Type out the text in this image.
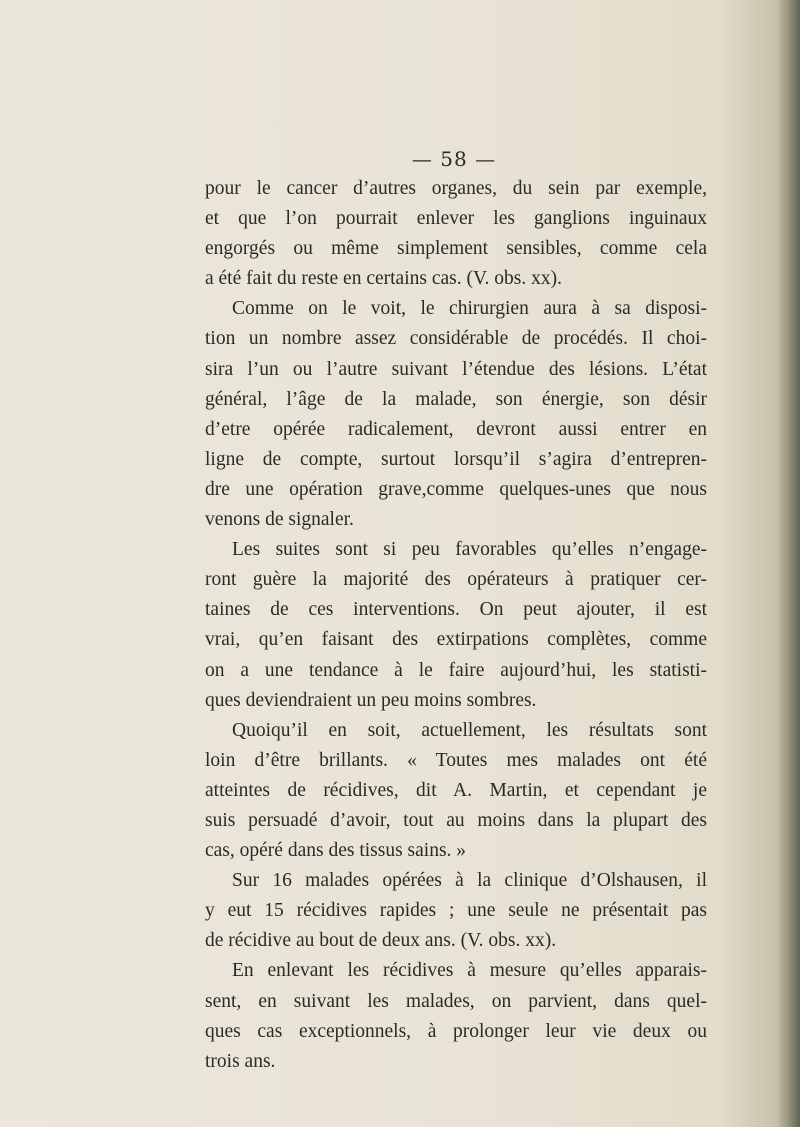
— 58 —
pour le cancer d’autres organes, du sein par exemple,
et que l’on pourrait enlever les ganglions inguinaux
engorgés ou même simplement sensibles, comme cela
a été fait du reste en certains cas. (V. obs. xx).
Comme on le voit, le chirurgien aura à sa disposi-
tion un nombre assez considérable de procédés. Il choi-
sira l’un ou l’autre suivant l’étendue des lésions. L’état
général, l’âge de la malade, son énergie, son désir
d’etre opérée radicalement, devront aussi entrer en
ligne de compte, surtout lorsqu’il s’agira d’entrepren-
dre une opération grave,comme quelques-unes que nous
venons de signaler.
Les suites sont si peu favorables qu’elles n’engage-
ront guère la majorité des opérateurs à pratiquer cer-
taines de ces interventions. On peut ajouter, il est
vrai, qu’en faisant des extirpations complètes, comme
on a une tendance à le faire aujourd’hui, les statisti-
ques deviendraient un peu moins sombres.
Quoiqu’il en soit, actuellement, les résultats sont
loin d’être brillants. « Toutes mes malades ont été
atteintes de récidives, dit A. Martin, et cependant je
suis persuadé d’avoir, tout au moins dans la plupart des
cas, opéré dans des tissus sains. »
Sur 16 malades opérées à la clinique d’Olshausen, il
y eut 15 récidives rapides ; une seule ne présentait pas
de récidive au bout de deux ans. (V. obs. xx).
En enlevant les récidives à mesure qu’elles apparais-
sent, en suivant les malades, on parvient, dans quel-
ques cas exceptionnels, à prolonger leur vie deux ou
trois ans.
